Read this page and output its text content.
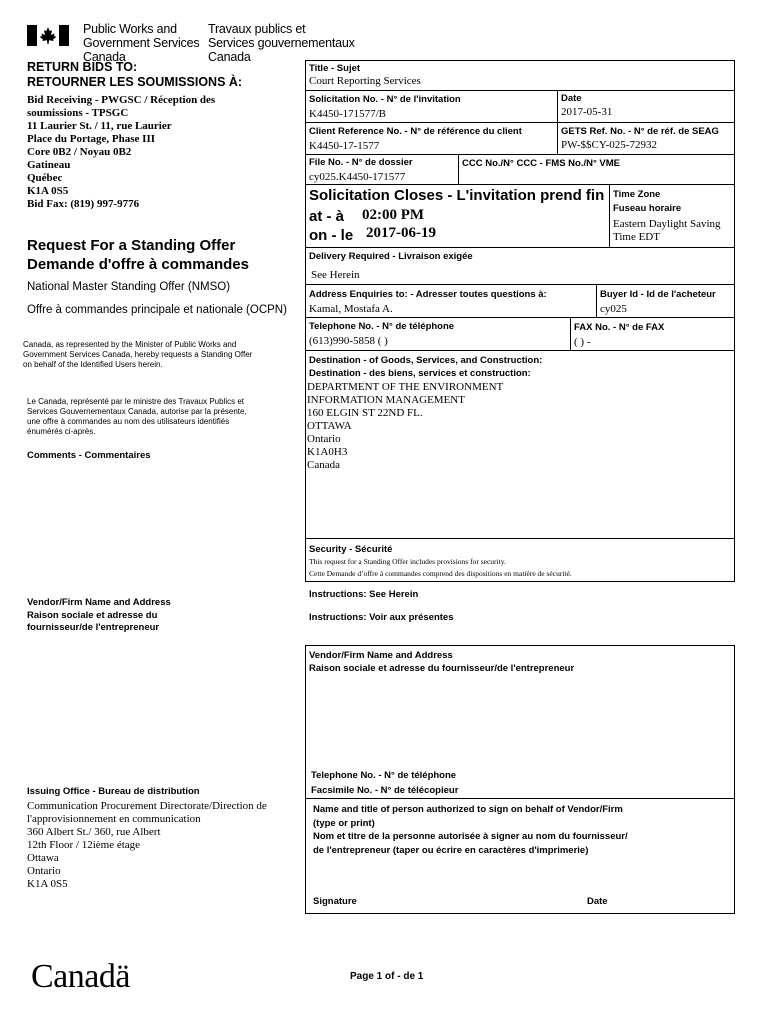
Public Works and
Government Services
Canada
Travaux publics et
Services gouvernementaux
Canada
RETURN BIDS TO:
RETOURNER LES SOUMISSIONS À:
Bid Receiving - PWGSC / Réception des
soumissions - TPSGC
11 Laurier St. / 11, rue Laurier
Place du Portage, Phase III
Core 0B2 / Noyau 0B2
Gatineau
Québec
K1A 0S5
Bid Fax: (819) 997-9776
Request For a Standing Offer
Demande d'offre à commandes
National Master Standing Offer (NMSO)
Offre à commandes principale et nationale (OCPN)
Canada, as represented by the Minister of Public Works and
Government Services Canada, hereby requests a Standing Offer
on behalf of the Identified Users herein.
Le Canada, représenté par le ministre des Travaux Publics et
Services Gouvernementaux Canada, autorise par la présente,
une offre à commandes au nom des utilisateurs identifiés
énumérés ci-après.
Comments - Commentaires
Vendor/Firm Name and Address
Raison sociale et adresse du
fournisseur/de l'entrepreneur
Issuing Office - Bureau de distribution
Communication Procurement Directorate/Direction de
l'approvisionnement en communication
360 Albert St./ 360, rue Albert
12th Floor / 12ième étage
Ottawa
Ontario
K1A 0S5
Title - Sujet
Court Reporting Services
Solicitation No. - N° de l'invitation
K4450-171577/B
Date
2017-05-31
Client Reference No. - N° de référence du client
K4450-17-1577
GETS Ref. No. - N° de réf. de SEAG
PW-$$CY-025-72932
File No. - N° de dossier
cy025.K4450-171577
CCC No./N° CCC - FMS No./N° VME
Solicitation Closes - L'invitation prend fin
at - à 02:00 PM
on - le 2017-06-19
Time Zone
Fuseau horaire
Eastern Daylight Saving
Time EDT
Delivery Required - Livraison exigée
See Herein
Address Enquiries to: - Adresser toutes questions à:
Kamal, Mostafa A.
Buyer Id - Id de l'acheteur
cy025
Telephone No. - N° de téléphone
(613)990-5858 ( )
FAX No. - N° de FAX
( ) -
Destination - of Goods, Services, and Construction:
Destination - des biens, services et construction:
DEPARTMENT OF THE ENVIRONMENT
INFORMATION MANAGEMENT
160 ELGIN ST 22ND FL.
OTTAWA
Ontario
K1A0H3
Canada
Security - Sécurité
This request for a Standing Offer includes provisions for security.
Cette Demande d’offre à commandes comprend des dispositions en matière de sécurité.
Instructions: See Herein
Instructions: Voir aux présentes
Vendor/Firm Name and Address
Raison sociale et adresse du fournisseur/de l'entrepreneur
Telephone No. - N° de téléphone
Facsimile No. - N° de télécopieur
Name and title of person authorized to sign on behalf of Vendor/Firm
(type or print)
Nom et titre de la personne autorisée à signer au nom du fournisseur/
de l'entrepreneur (taper ou écrire en caractères d'imprimerie)
Signature	Date
Canadä	Page 1 of - de 1
